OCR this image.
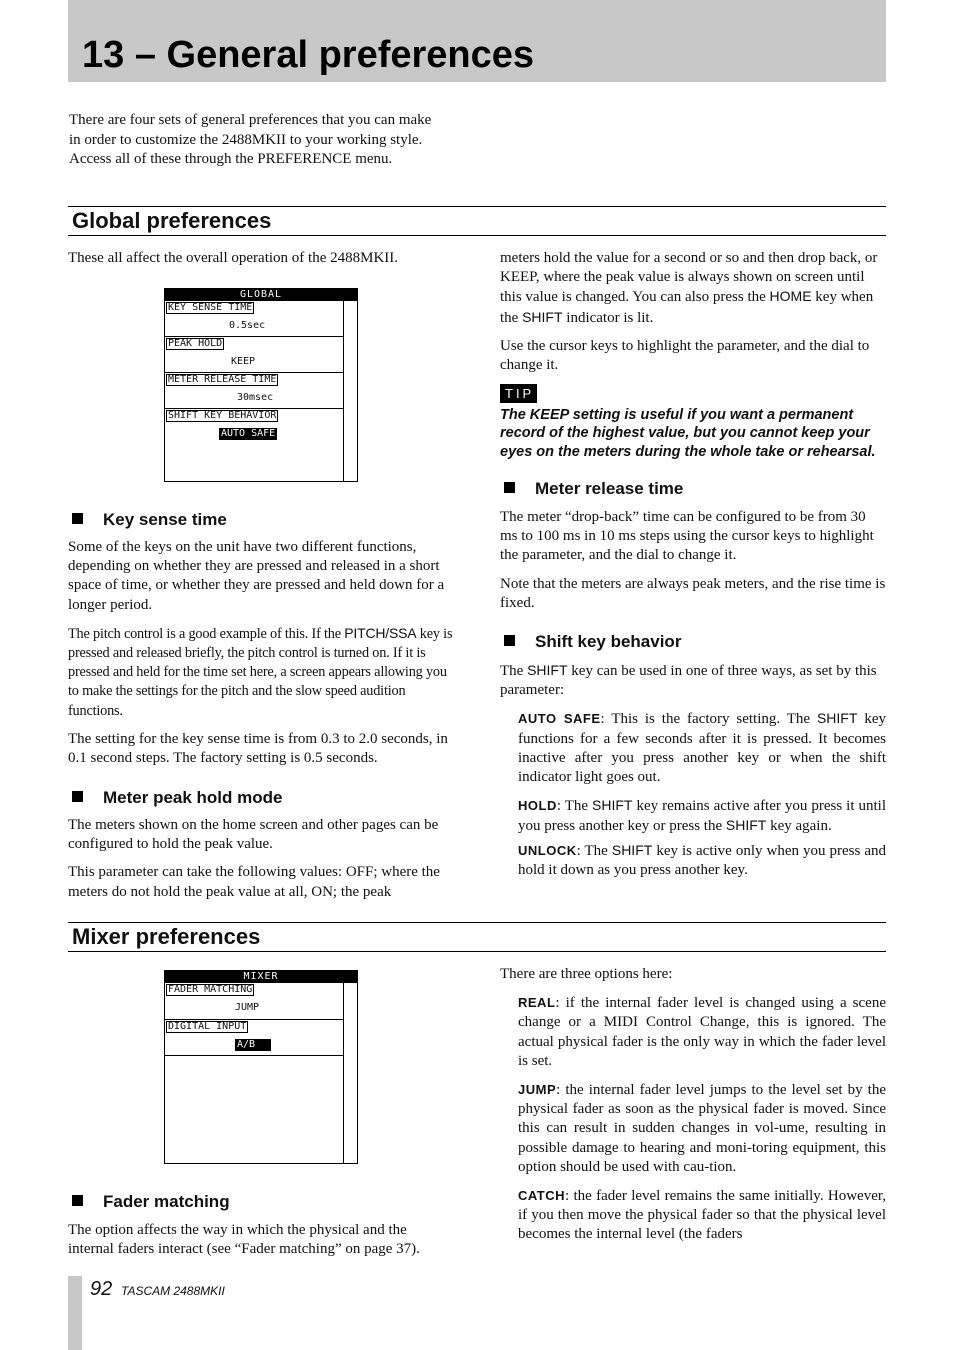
13 – General preferences
There are four sets of general preferences that you can make in order to customize the 2488MKII to your working style. Access all of these through the PREFERENCE menu.
Global preferences

These all affect the overall operation of the 2488MKII.

GLOBAL
KEY SENSE TIME
0.5sec
PEAK HOLD
KEEP
METER RELEASE TIME
30msec
SHIFT KEY BEHAVIOR
AUTO SAFE
Key sense time

Some of the keys on the unit have two different functions, depending on whether they are pressed and released in a short space of time, or whether they are pressed and held down for a longer period.

The pitch control is a good example of this. If the PITCH/SSA key is pressed and released briefly, the pitch control is turned on. If it is pressed and held for the time set here, a screen appears allowing you to make the settings for the pitch and the slow speed audition functions.

The setting for the key sense time is from 0.3 to 2.0 seconds, in 0.1 second steps. The factory setting is 0.5 seconds.

Meter peak hold mode

The meters shown on the home screen and other pages can be configured to hold the peak value.

This parameter can take the following values: OFF; where the meters do not hold the peak value at all, ON; the peak

meters hold the value for a second or so and then drop back, or KEEP, where the peak value is always shown on screen until this value is changed. You can also press the HOME key when the SHIFT indicator is lit.

Use the cursor keys to highlight the parameter, and the dial to change it.

TIP
The KEEP setting is useful if you want a permanent record of the highest value, but you cannot keep your eyes on the meters during the whole take or rehearsal.
Meter release time

The meter “drop-back” time can be configured to be from 30 ms to 100 ms in 10 ms steps using the cursor keys to highlight the parameter, and the dial to change it.

Note that the meters are always peak meters, and the rise time is fixed.

Shift key behavior

The SHIFT key can be used in one of three ways, as set by this parameter:

AUTO SAFE: This is the factory setting. The SHIFT key functions for a few seconds after it is pressed. It becomes inactive after you press another key or when the shift indicator light goes out.

HOLD: The SHIFT key remains active after you press it until you press another key or press the SHIFT key again.

UNLOCK: The SHIFT key is active only when you press and hold it down as you press another key.

Mixer preferences
MIXER
FADER MATCHING
JUMP
DIGITAL INPUT
A/B
Fader matching

The option affects the way in which the physical and the internal faders interact (see “Fader matching” on page 37).

There are three options here:

REAL: if the internal fader level is changed using a scene change or a MIDI Control Change, this is ignored. The actual physical fader is the only way in which the fader level is set.

JUMP: the internal fader level jumps to the level set by the physical fader as soon as the physical fader is moved. Since this can result in sudden changes in vol-ume, resulting in possible damage to hearing and moni-toring equipment, this option should be used with cau-tion.

CATCH: the fader level remains the same initially. However, if you then move the physical fader so that the physical level becomes the internal level (the faders

92 TASCAM 2488MKII
